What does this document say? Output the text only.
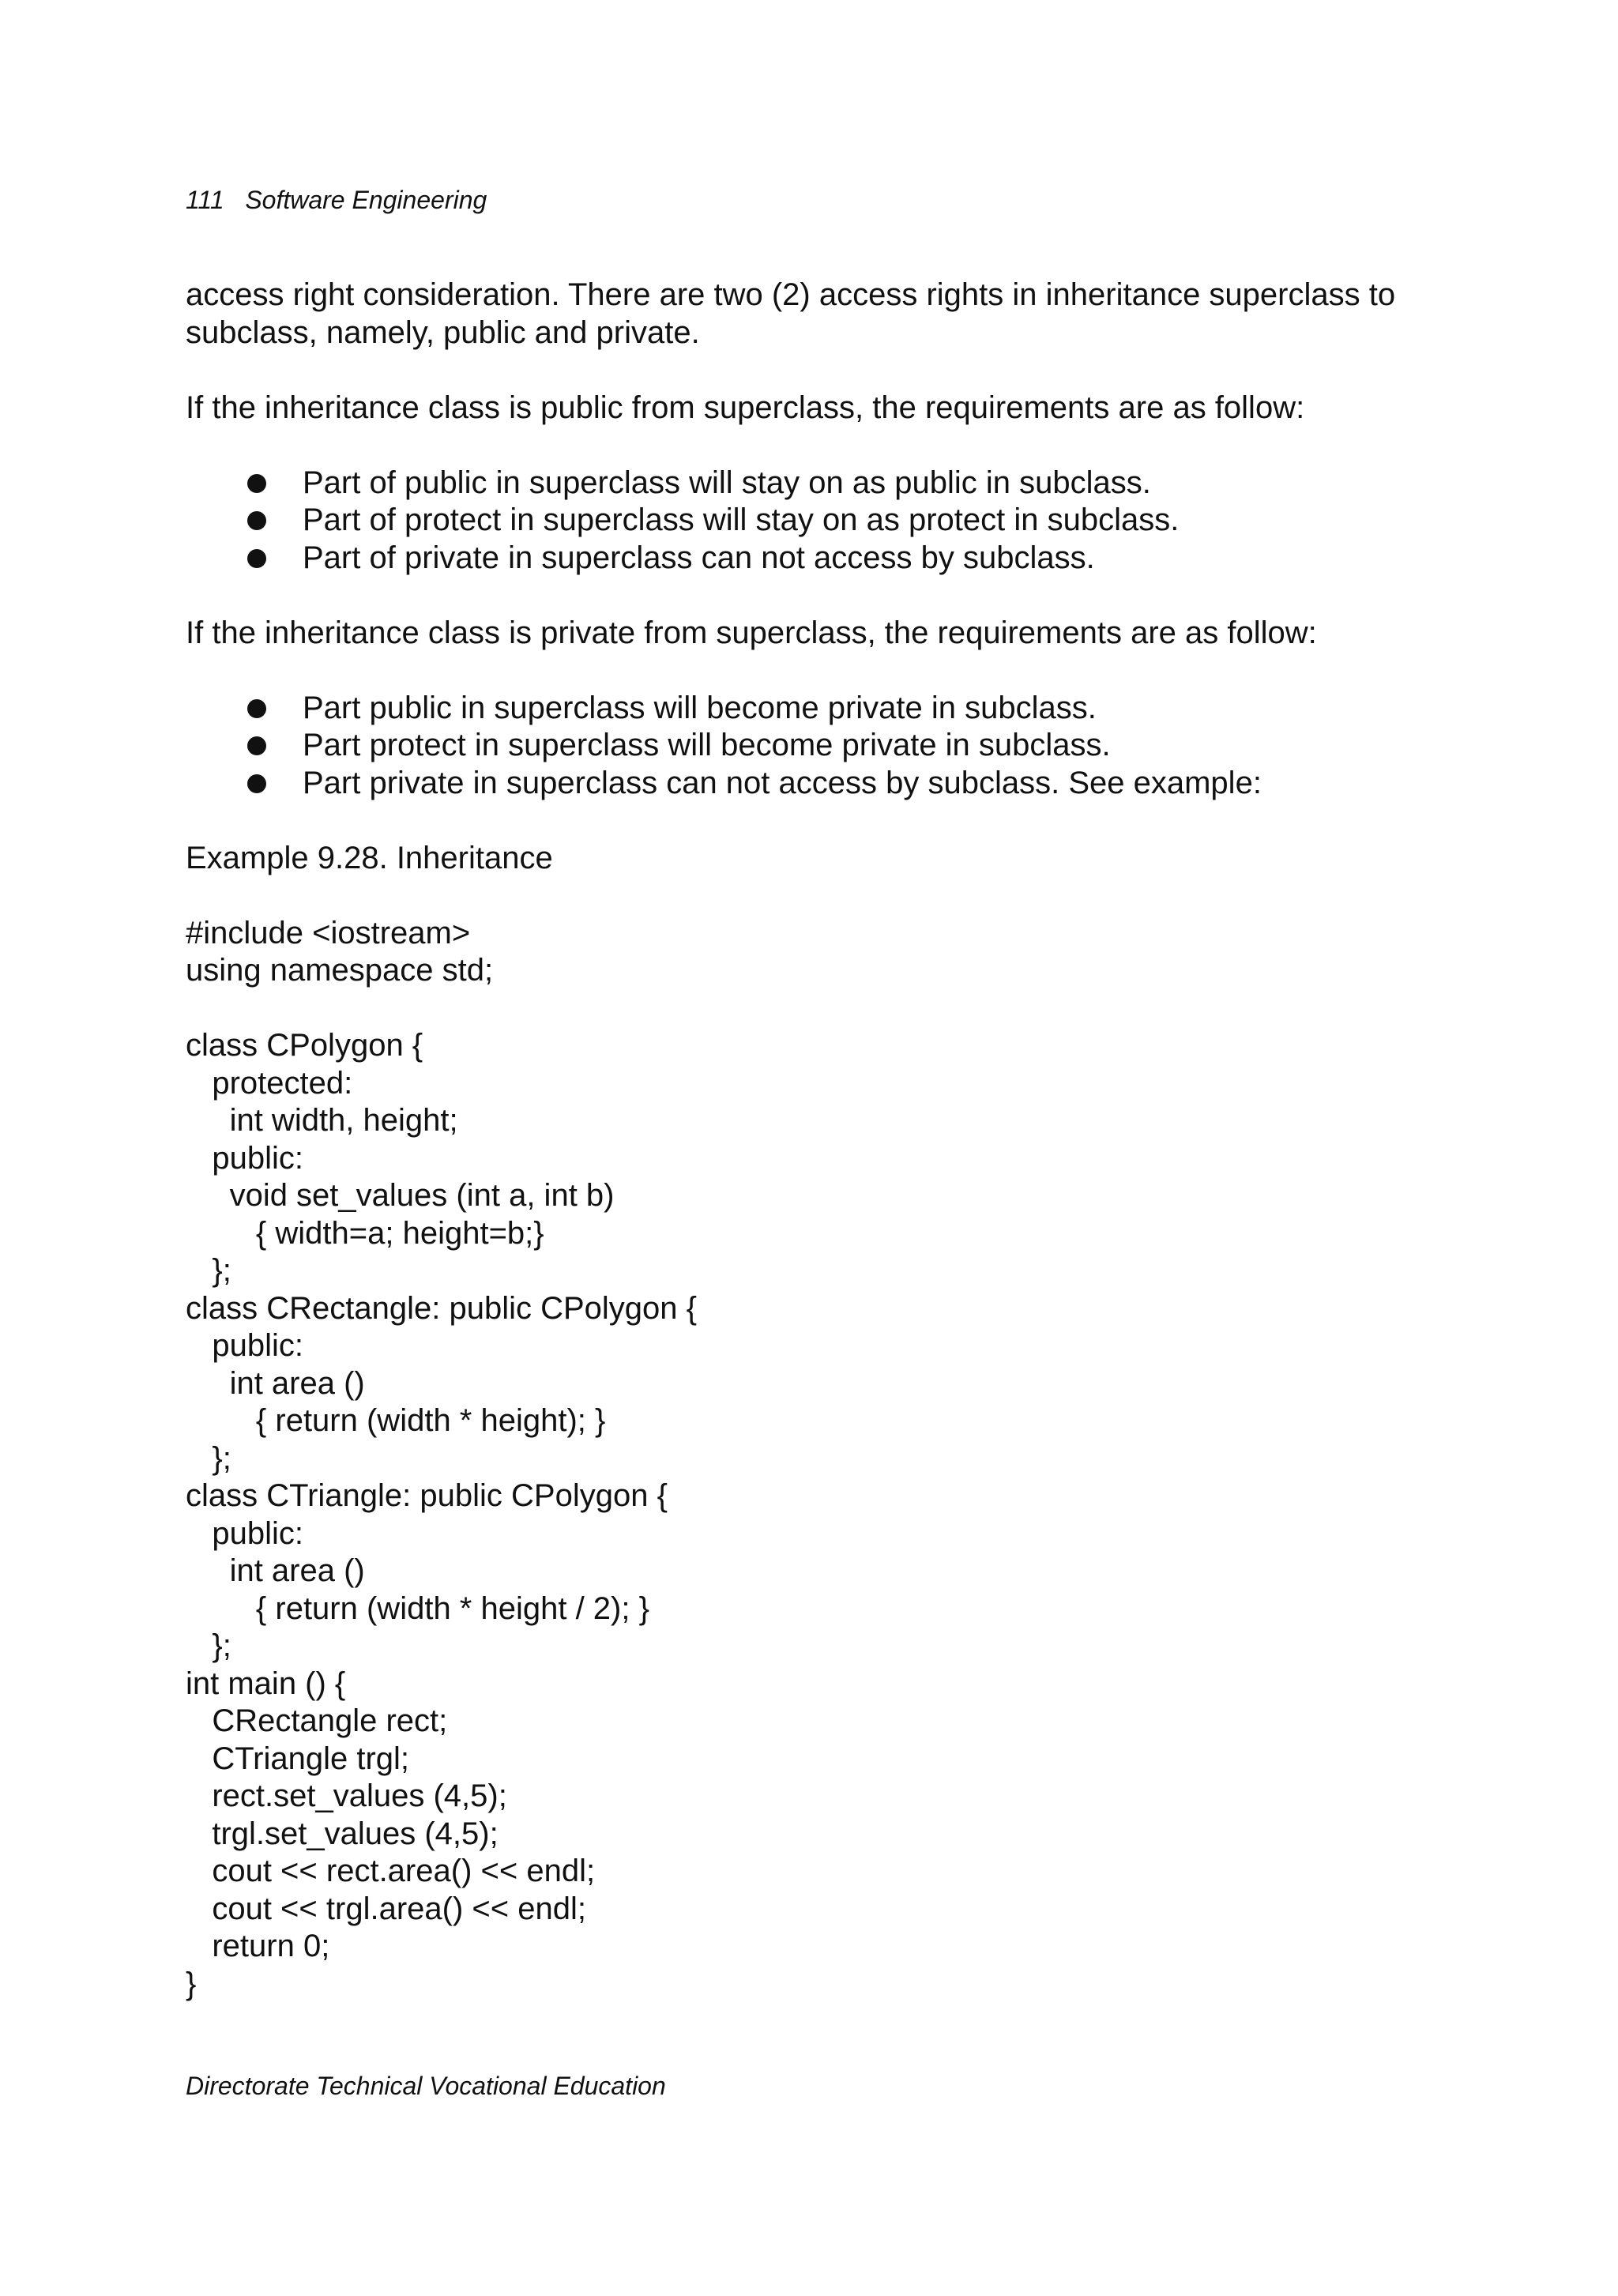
111 Software Engineering

access right consideration. There are two (2) access rights in inheritance superclass to subclass, namely, public and private.

If the inheritance class is public from superclass, the requirements are as follow:

Part of public in superclass will stay on as public in subclass.
Part of protect in superclass will stay on as protect in subclass.
Part of private in superclass can not access by subclass.

If the inheritance class is private from superclass, the requirements are as follow:

Part public in superclass will become private in subclass.
Part protect in superclass will become private in subclass.
Part private in superclass can not access by subclass. See example:

Example 9.28. Inheritance

#include <iostream>
using namespace std;
class CPolygon {
protected:
int width, height;
public:
void set_values (int a, int b)
{ width=a; height=b;}
};
class CRectangle: public CPolygon {
public:
int area ()
{ return (width * height); }
};
class CTriangle: public CPolygon {
public:
int area ()
{ return (width * height / 2); }
};
int main () {
CRectangle rect;
CTriangle trgl;
rect.set_values (4,5);
trgl.set_values (4,5);
cout << rect.area() << endl;
cout << trgl.area() << endl;
return 0;
}
Directorate Technical Vocational Education
